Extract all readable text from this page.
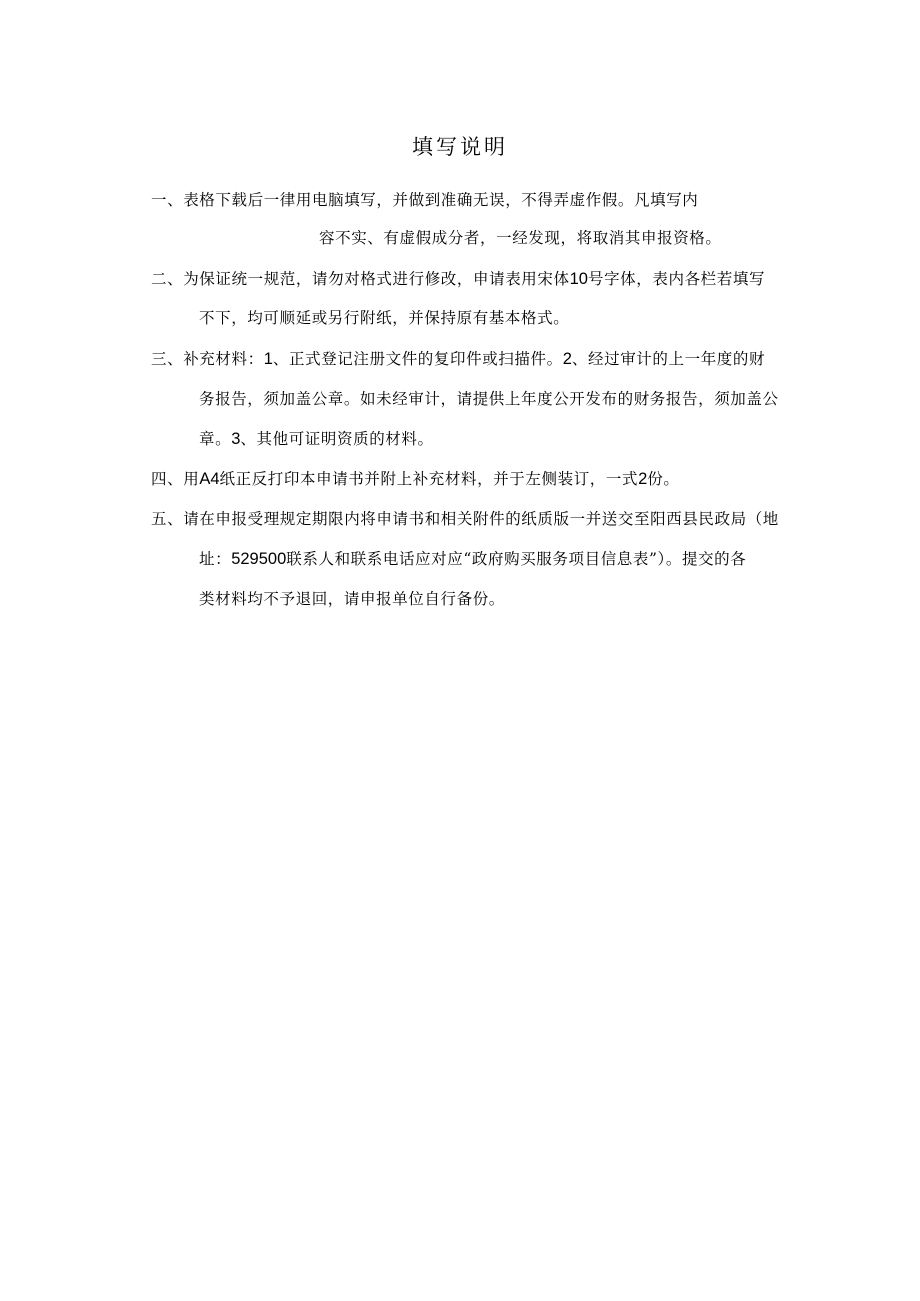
填写说明
一、表格下载后一律用电脑填写，并做到准确无误，不得弄虚作假。凡填写内
容不实、有虚假成分者，一经发现，将取消其申报资格。
二、为保证统一规范，请勿对格式进行修改，申请表用宋体10号字体，表内各栏若填写
不下，均可顺延或另行附纸，并保持原有基本格式。
三、补充材料：1、正式登记注册文件的复印件或扫描件。2、经过审计的上一年度的财
务报告，须加盖公章。如未经审计，请提供上年度公开发布的财务报告，须加盖公
章。3、其他可证明资质的材料。
四、用A4纸正反打印本申请书并附上补充材料，并于左侧装订，一式2份。
五、请在申报受理规定期限内将申请书和相关附件的纸质版一并送交至阳西县民政局（地
址：529500联系人和联系电话应对应“政府购买服务项目信息表”）。提交的各
类材料均不予退回，请申报单位自行备份。
